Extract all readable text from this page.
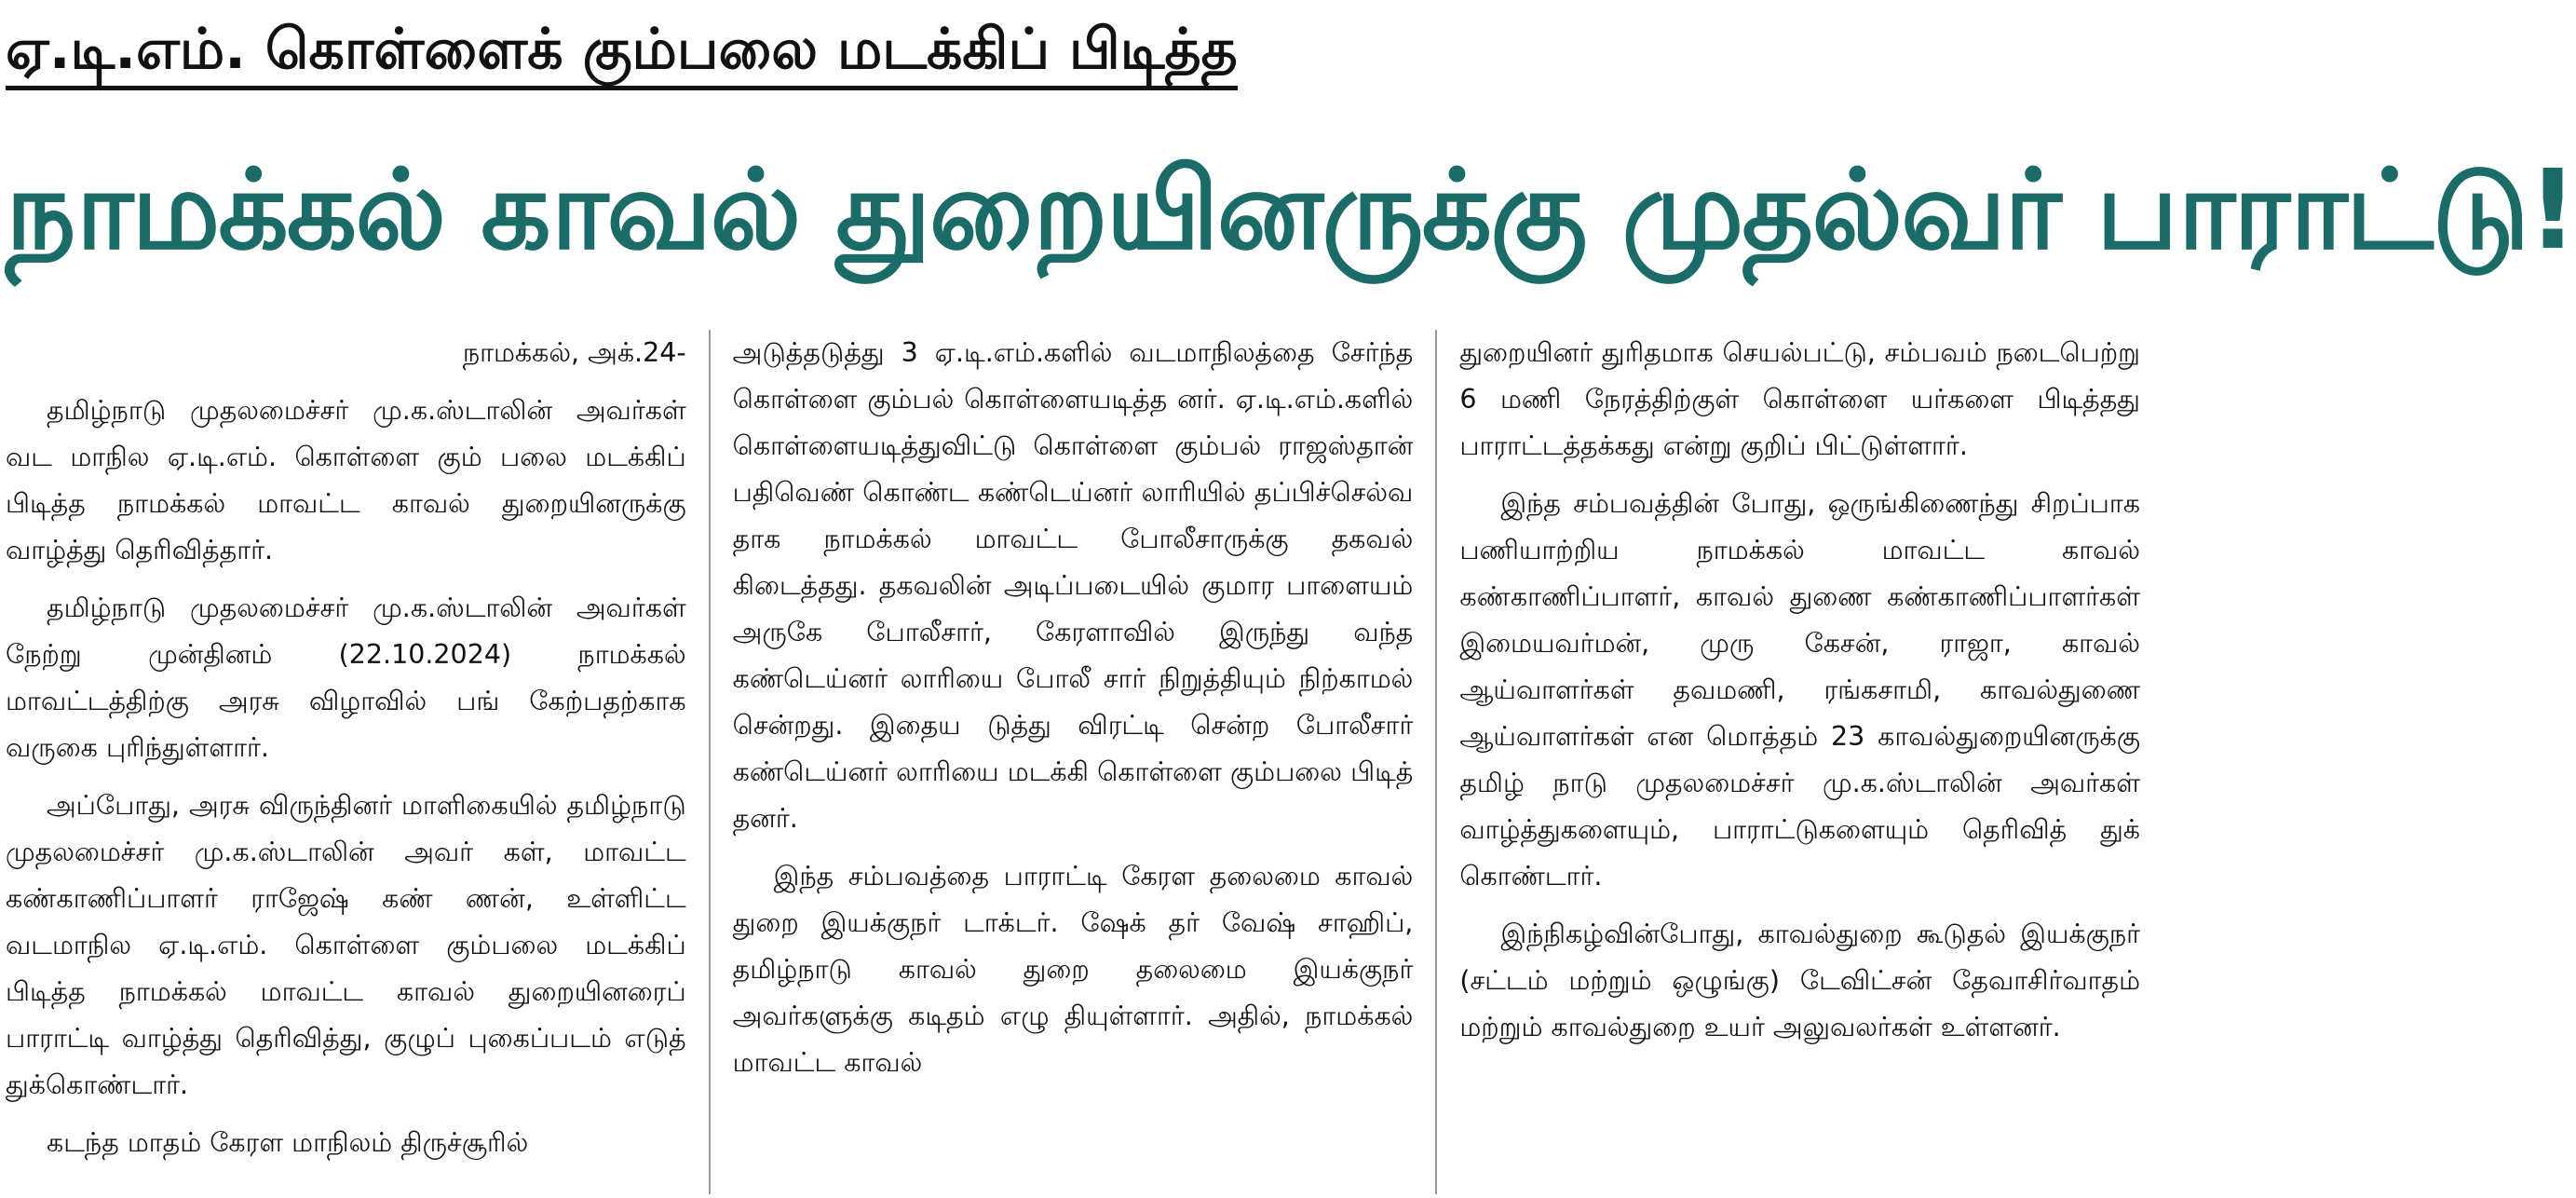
ஏ.டி.எம். கொள்ளைக் கும்பலை மடக்கிப் பிடித்த
நாமக்கல் காவல் துறையினருக்கு முதல்வர் பாராட்டு!

நாமக்கல், அக்.24-

தமிழ்நாடு முதலமைச்சர் மு.க.ஸ்டாலின் அவர்கள் வட மாநில ஏ.டி.எம். கொள்ளை கும் பலை மடக்கிப் பிடித்த நாமக்கல் மாவட்ட காவல் துறையினருக்கு வாழ்த்து தெரிவித்தார்.

தமிழ்நாடு முதலமைச்சர் மு.க.ஸ்டாலின் அவர்கள் நேற்று முன்தினம் (22.10.2024) நாமக்கல் மாவட்டத்திற்கு அரசு விழாவில் பங் கேற்பதற்காக வருகை புரிந்துள்ளார்.

அப்போது, அரசு விருந்தினர் மாளிகையில் தமிழ்நாடு முதலமைச்சர் மு.க.ஸ்டாலின் அவர் கள், மாவட்ட கண்காணிப்பாளர் ராஜேஷ் கண் ணன், உள்ளிட்ட வடமாநில ஏ.டி.எம். கொள்ளை கும்பலை மடக்கிப் பிடித்த நாமக்கல் மாவட்ட காவல் துறையினரைப் பாராட்டி வாழ்த்து தெரிவித்து, குழுப் புகைப்படம் எடுத் துக்கொண்டார்.

கடந்த மாதம் கேரள மாநிலம் திருச்சூரில்

அடுத்தடுத்து 3 ஏ.டி.எம்.களில் வடமாநிலத்தை சேர்ந்த கொள்ளை கும்பல் கொள்ளையடித்த னர். ஏ.டி.எம்.களில் கொள்ளையடித்துவிட்டு கொள்ளை கும்பல் ராஜஸ்தான் பதிவெண் கொண்ட கண்டெய்னர் லாரியில் தப்பிச்செல்வ தாக நாமக்கல் மாவட்ட போலீசாருக்கு தகவல் கிடைத்தது. தகவலின் அடிப்படையில் குமார பாளையம் அருகே போலீசார், கேரளாவில் இருந்து வந்த கண்டெய்னர் லாரியை போலீ சார் நிறுத்தியும் நிற்காமல் சென்றது. இதைய டுத்து விரட்டி சென்ற போலீசார் கண்டெய்னர் லாரியை மடக்கி கொள்ளை கும்பலை பிடித் தனர்.

இந்த சம்பவத்தை பாராட்டி கேரள தலைமை காவல் துறை இயக்குநர் டாக்டர். ஷேக் தர் வேஷ் சாஹிப், தமிழ்நாடு காவல் துறை தலைமை இயக்குநர் அவர்களுக்கு கடிதம் எழு தியுள்ளார். அதில், நாமக்கல் மாவட்ட காவல்

துறையினர் துரிதமாக செயல்பட்டு, சம்பவம் நடைபெற்று 6 மணி நேரத்திற்குள் கொள்ளை யர்களை பிடித்தது பாராட்டத்தக்கது என்று குறிப் பிட்டுள்ளார்.

இந்த சம்பவத்தின் போது, ஒருங்கிணைந்து சிறப்பாக பணியாற்றிய நாமக்கல் மாவட்ட காவல் கண்காணிப்பாளர், காவல் துணை கண்காணிப்பாளர்கள் இமையவர்மன், முரு கேசன், ராஜா, காவல் ஆய்வாளர்கள் தவமணி, ரங்கசாமி, காவல்துணை ஆய்வாளர்கள் என மொத்தம் 23 காவல்துறையினருக்கு தமிழ் நாடு முதலமைச்சர் மு.க.ஸ்டாலின் அவர்கள் வாழ்த்துகளையும், பாராட்டுகளையும் தெரிவித் துக் கொண்டார்.

இந்நிகழ்வின்போது, காவல்துறை கூடுதல் இயக்குநர் (சட்டம் மற்றும் ஒழுங்கு) டேவிட்சன் தேவாசிர்வாதம் மற்றும் காவல்துறை உயர் அலுவலர்கள் உள்ளனர்.
